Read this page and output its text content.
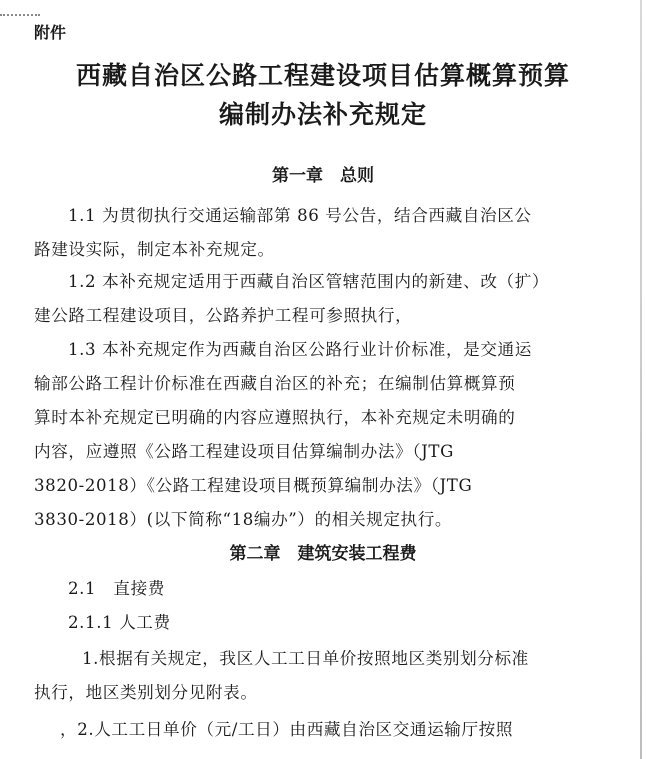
附件
西藏自治区公路工程建设项目估算概算预算
编制办法补充规定
第一章　总则
1.1 为贯彻执行交通运输部第 86 号公告，结合西藏自治区公
路建设实际，制定本补充规定。
1.2 本补充规定适用于西藏自治区管辖范围内的新建、改（扩）
建公路工程建设项目，公路养护工程可参照执行，
1.3 本补充规定作为西藏自治区公路行业计价标准，是交通运
输部公路工程计价标准在西藏自治区的补充；在编制估算概算预
算时本补充规定已明确的内容应遵照执行，本补充规定未明确的
内容，应遵照《公路工程建设项目估算编制办法》（JTG
3820-2018）《公路工程建设项目概预算编制办法》（JTG
3830-2018）(以下简称“18编办”）的相关规定执行。
第二章　建筑安装工程费
2.1　直接费
2.1.1 人工费
1.根据有关规定，我区人工工日单价按照地区类别划分标准
执行，地区类别划分见附表。
，2.人工工日单价（元/工日）由西藏自治区交通运输厅按照
